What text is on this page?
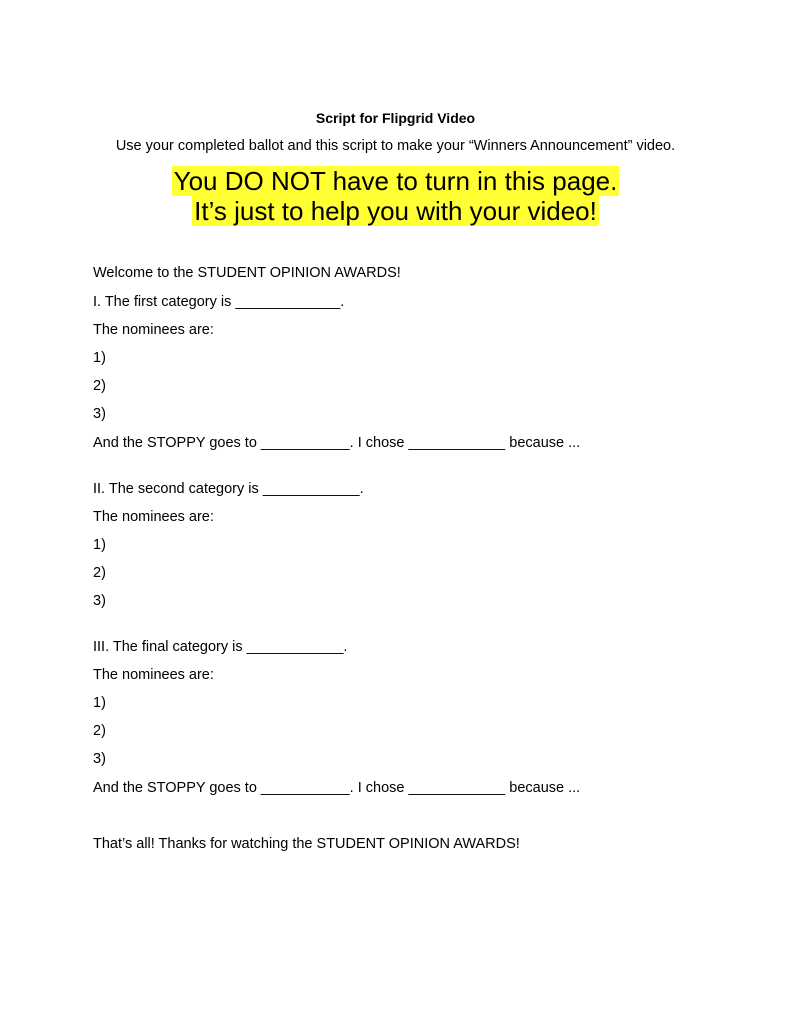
Script for Flipgrid Video
Use your completed ballot and this script to make your “Winners Announcement” video.
You DO NOT have to turn in this page.
It’s just to help you with your video!
Welcome to the STUDENT OPINION AWARDS!
I. The first category is _____________.
The nominees are:
1)
2)
3)
And the STOPPY goes to ___________. I chose ____________ because ...
II. The second category is ____________.
The nominees are:
1)
2)
3)
III. The final category is ____________.
The nominees are:
1)
2)
3)
And the STOPPY goes to ___________. I chose ____________ because ...
That’s all! Thanks for watching the STUDENT OPINION AWARDS!
